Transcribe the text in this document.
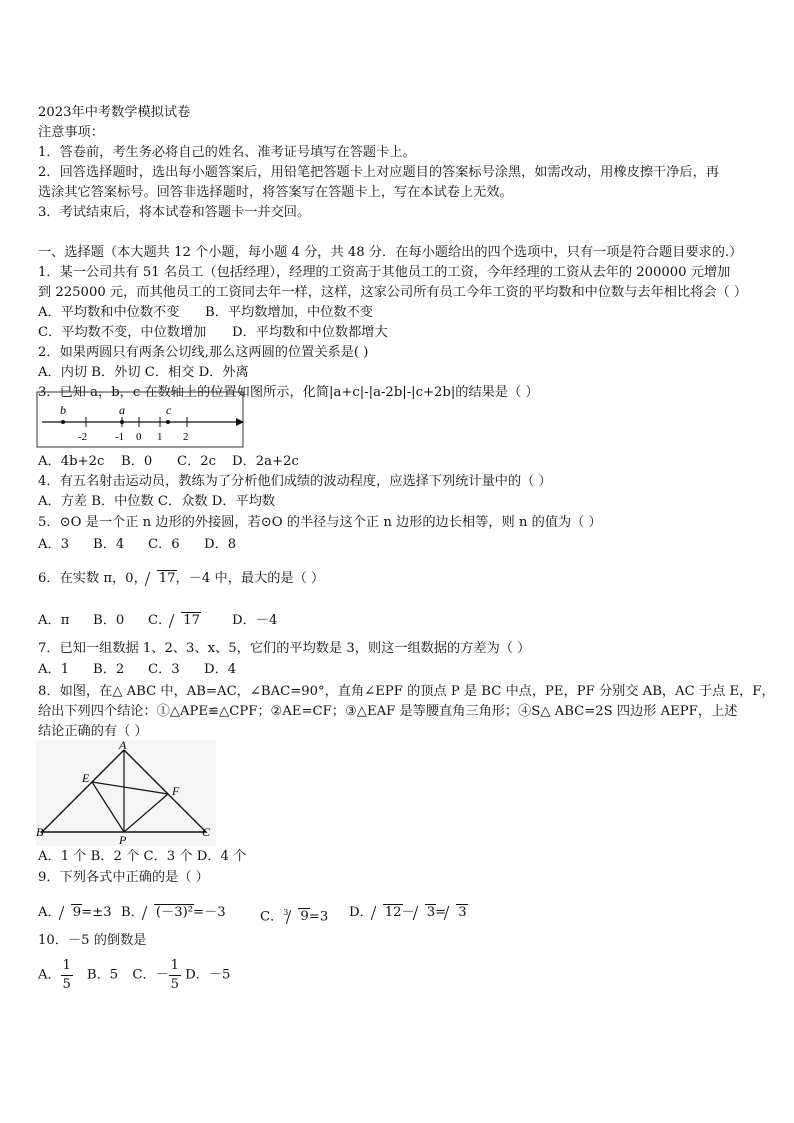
2023年中考数学模拟试卷
注意事项：
1．答卷前，考生务必将自己的姓名、准考证号填写在答题卡上。
2．回答选择题时，选出每小题答案后，用铅笔把答题卡上对应题目的答案标号涂黑，如需改动，用橡皮擦干净后，再
选涂其它答案标号。回答非选择题时，将答案写在答题卡上，写在本试卷上无效。
3．考试结束后，将本试卷和答题卡一并交回。
一、选择题（本大题共 12 个小题，每小题 4 分，共 48 分．在每小题给出的四个选项中，只有一项是符合题目要求的.）
1．某一公司共有 51 名员工（包括经理），经理的工资高于其他员工的工资，今年经理的工资从去年的 200000 元增加
到 225000 元，而其他员工的工资同去年一样，这样，这家公司所有员工今年工资的平均数和中位数与去年相比将会（ ）
A．平均数和中位数不变 B．平均数增加，中位数不变
C．平均数不变，中位数增加 D．平均数和中位数都增大
2．如果两圆只有两条公切线,那么这两圆的位置关系是( )
A．内切 B．外切 C．相交 D．外离
3．已知 a，b，c 在数轴上的位置如图所示，化简|a+c|-|a-2b|-|c+2b|的结果是（ ）
b	a	c
-2	-1 0 1 2
A．4b+2c B．0 C．2c D．2a+2c
4．有五名射击运动员，教练为了分析他们成绩的波动程度，应选择下列统计量中的（ ）
A．方差 B．中位数 C．众数 D．平均数
5．⊙O 是一个正 n 边形的外接圆，若⊙O 的半径与这个正 n 边形的边长相等，则 n 的值为（ ）
A．3 B．4 C．6 D．8
6．在实数 π，0， 17，－4 中，最大的是（ ）
A．π B．0 C． 17 D．－4
7．已知一组数据 1、2、3、x、5，它们的平均数是 3，则这一组数据的方差为（ ）
A．1 B．2 C．3 D．4
8．如图，在△ ABC 中，AB=AC，∠BAC=90°，直角∠EPF 的顶点 P 是 BC 中点，PE，PF 分别交 AB，AC 于点 E，F，
给出下列四个结论：①△APE≌△CPF；②AE=CF；③△EAF 是等腰直角三角形；④S△ ABC=2S 四边形 AEPF，上述
结论正确的有（ ）
A
E
F
B
P
C
A．1 个 B．2 个 C．3 个 D．4 个
9．下列各式中正确的是（ ）
A． 9=±3 B． (－3)²=－3	C．$^3$ 9=3 D． 12－ 3= 3
10．－5 的倒数是
A． $\frac{1}{5}$ B．5 C．－ $\frac{1}{5}$ D．－5
